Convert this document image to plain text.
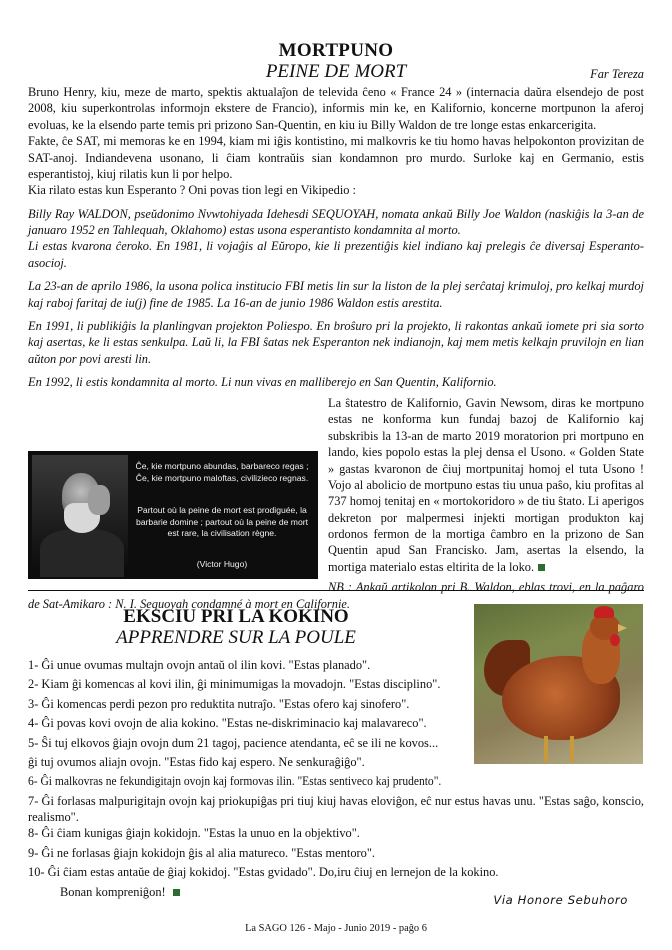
MORTPUNO
PEINE DE MORT	Far Tereza

Bruno Henry, kiu, meze de marto, spektis aktualaĵon de televida ĉeno « France 24 » (internacia daŭra elsendejo de post 2008, kiu superkontrolas informojn ekstere de Francio), informis min ke, en Kalifornio, koncerne mortpunon la aferoj evoluas, ke la elsendo parte temis pri prizono San-Quentin, en kiu iu Billy Waldon de tre longe estas enkarcerigita.

Fakte, ĉe SAT, mi memoras ke en 1994, kiam mi iĝis kontistino, mi malkovris ke tiu homo havas helpokonton provizitan de SAT-anoj. Indiandevena usonano, li ĉiam kontraŭis sian kondamnon pro murdo. Surloke kaj en Germanio, estis esperantistoj, kiuj rilatis kun li por helpo.

Kia rilato estas kun Esperanto ? Oni povas tion legi en Vikipedio :

Billy Ray WALDON, pseŭdonimo Nvwtohiyada Idehesdi SEQUOYAH, nomata ankaŭ Billy Joe Waldon (naskiĝis la 3-an de januaro 1952 en Tahlequah, Oklahomo) estas usona esperantisto kondamnita al morto.

Li estas kvarona ĉeroko. En 1981, li vojaĝis al Eŭropo, kie li prezentiĝis kiel indiano kaj prelegis ĉe diversaj Esperanto-asocioj.

La 23-an de aprilo 1986, la usona polica institucio FBI metis lin sur la liston de la plej serĉataj krimuloj, pro kelkaj murdoj kaj raboj faritaj de iu(j) fine de 1985. La 16-an de junio 1986 Waldon estis arestita.

En 1991, li publikiĝis la planlingvan projekton Poliespo. En broŝuro pri la projekto, li rakontas ankaŭ iomete pri sia sorto kaj asertas, ke li estas senkulpa. Laŭ li, la FBI ŝatas nek Esperanton nek indianojn, kaj mem metis kelkajn pruvilojn en lian aŭton por povi aresti lin.

En 1992, li estis kondamnita al morto. Li nun vivas en malliberejo en San Quentin, Kalifornio.

Ĉe, kie mortpuno abundas, barbareco regas ; Ĉe, kie mortpuno maloftas, civilizieco regnas.
Partout où la peine de mort est prodiguée, la barbarie domine ; partout où la peine de mort est rare, la civilisation règne.
(Victor Hugo)

La ŝtatestro de Kalifornio, Gavin Newsom, diras ke mortpuno estas ne konforma kun fundaj bazoj de Kalifornio kaj subskribis la 13-an de marto 2019 moratorion pri mortpuno en lando, kies popolo estas la plej densa el Usono. « Golden State » gastas kvaronon de ĉiuj mortpunitaj homoj el tuta Usono ! Vojo al abolicio de mortpuno estas tiu unua paŝo, kiu profitas al 737 homoj tenitaj en « mortokoridoro » de tiu ŝtato. Li aperigos dekreton por malpermesi injekti mortigan produkton kaj ordonos fermon de la mortiga ĉambro en la prizono de San Quentin apud San Francisko. Jam, asertas la elsendo, la mortiga materialo estas eltirita de la loko.

NB : Ankaŭ artikolon pri B. Waldon, eblas trovi, en la paĝaro de Sat-Amikaro : N. I. Sequoyah condamné à mort en Californie.

EKSCIU PRI LA KOKINO
APPRENDRE SUR LA POULE
1- Ĝi unue ovumas multajn ovojn antaŭ ol ilin kovi. "Estas planado".
2- Kiam ĝi komencas al kovi ilin, ĝi minimumigas la movadojn. "Estas disciplino".
3- Ĝi komencas perdi pezon pro reduktita nutraĵo. "Estas ofero kaj sinofero".
4- Ĝi povas kovi ovojn de alia kokino. "Estas ne-diskriminacio kaj malavareco".
5- Ŝi tuj elkovos ĝiajn ovojn dum 21 tagoj, pacience atendanta, eĉ se ili ne kovos...
ĝi tuj ovumos aliajn ovojn. "Estas fido kaj espero. Ne senkuraĝiĝo".
6- Ĝi malkovras ne fekundigitajn ovojn kaj formovas ilin. "Estas sentiveco kaj prudento".
7- Ĝi forlasas malpurigitajn ovojn kaj priokupiĝas pri tiuj kiuj havas eloviĝon, eĉ nur estus havas unu. "Estas saĝo, konscio, realismo".
8- Ĝi ĉiam kunigas ĝiajn kokidojn. "Estas la unuo en la objektivo".
9- Ĝi ne forlasas ĝiajn kokidojn ĝis al alia matureco. "Estas mentoro".
10- Ĝi ĉiam estas antaŭe de ĝiaj kokidoj. "Estas gvidado". Do,iru ĉiuj en lernejon de la kokino.
Bonan kompreniĝon!
Via Honore Sebuhoro
La SAGO 126 - Majo - Junio 2019 - paĝo 6
